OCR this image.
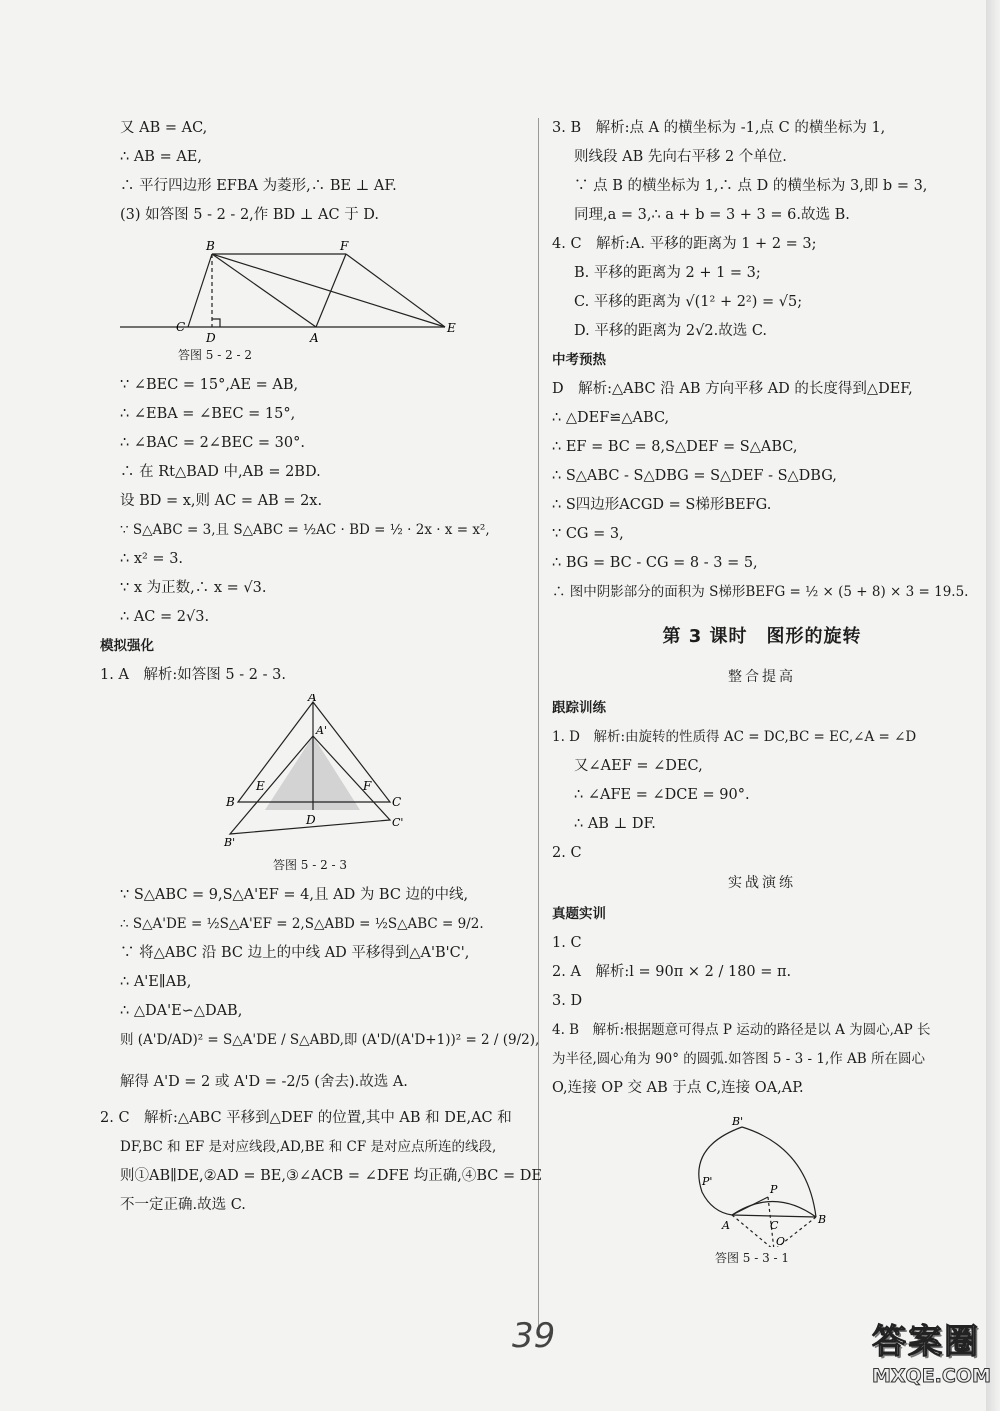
又 AB = AC,
∴ AB = AE,
∴ 平行四边形 EFBA 为菱形,∴ BE ⊥ AF.
(3) 如答图 5 - 2 - 2,作 BD ⊥ AC 于 D.
B	F
C
D	A
E
答图 5 - 2 - 2
∵ ∠BEC = 15°,AE = AB,
∴ ∠EBA = ∠BEC = 15°,
∴ ∠BAC = 2∠BEC = 30°.
∴ 在 Rt△BAD 中,AB = 2BD.
设 BD = x,则 AC = AB = 2x.
∵ S△ABC = 3,且 S△ABC = ½AC · BD = ½ · 2x · x = x²,
∴ x² = 3.
∵ x 为正数,∴ x = √3.
∴ AC = 2√3.
模拟强化
1. A　解析:如答图 5 - 2 - 3.
A
A'
B	C
E	F
D	C'
B'
答图 5 - 2 - 3
∵ S△ABC = 9,S△A'EF = 4,且 AD 为 BC 边的中线,
∴ S△A'DE = ½S△A'EF = 2,S△ABD = ½S△ABC = 9/2.
∵ 将△ABC 沿 BC 边上的中线 AD 平移得到△A'B'C',
∴ A'E∥AB,
∴ △DA'E∽△DAB,
则 (A'D/AD)² = S△A'DE / S△ABD,即 (A'D/(A'D+1))² = 2 / (9/2),
解得 A'D = 2 或 A'D = -2/5 (舍去).故选 A.
2. C　解析:△ABC 平移到△DEF 的位置,其中 AB 和 DE,AC 和
DF,BC 和 EF 是对应线段,AD,BE 和 CF 是对应点所连的线段,
则①AB∥DE,②AD = BE,③∠ACB = ∠DFE 均正确,④BC = DE
不一定正确.故选 C.
3. B　解析:点 A 的横坐标为 -1,点 C 的横坐标为 1,
则线段 AB 先向右平移 2 个单位.
∵ 点 B 的横坐标为 1,∴ 点 D 的横坐标为 3,即 b = 3,
同理,a = 3,∴ a + b = 3 + 3 = 6.故选 B.
4. C　解析:A. 平移的距离为 1 + 2 = 3;
B. 平移的距离为 2 + 1 = 3;
C. 平移的距离为 √(1² + 2²) = √5;
D. 平移的距离为 2√2.故选 C.
中考预热
D　解析:△ABC 沿 AB 方向平移 AD 的长度得到△DEF,
∴ △DEF≌△ABC,
∴ EF = BC = 8,S△DEF = S△ABC,
∴ S△ABC - S△DBG = S△DEF - S△DBG,
∴ S四边形ACGD = S梯形BEFG.
∵ CG = 3,
∴ BG = BC - CG = 8 - 3 = 5,
∴ 图中阴影部分的面积为 S梯形BEFG = ½ × (5 + 8) × 3 = 19.5.
第 3 课时　图形的旋转
整合提高
跟踪训练
1. D　解析:由旋转的性质得 AC = DC,BC = EC,∠A = ∠D
又∠AEF = ∠DEC,
∴ ∠AFE = ∠DCE = 90°.
∴ AB ⊥ DF.
2. C
实战演练
真题实训
1. C
2. A　解析:l = 90π × 2 / 180 = π.
3. D
4. B　解析:根据题意可得点 P 运动的路径是以 A 为圆心,AP 长
为半径,圆心角为 90° 的圆弧.如答图 5 - 3 - 1,作 AB 所在圆心
O,连接 OP 交 AB 于点 C,连接 OA,AP.
B'
P'
P
A	B
C
O
答图 5 - 3 - 1
39	答案圈
MXQE.COM
